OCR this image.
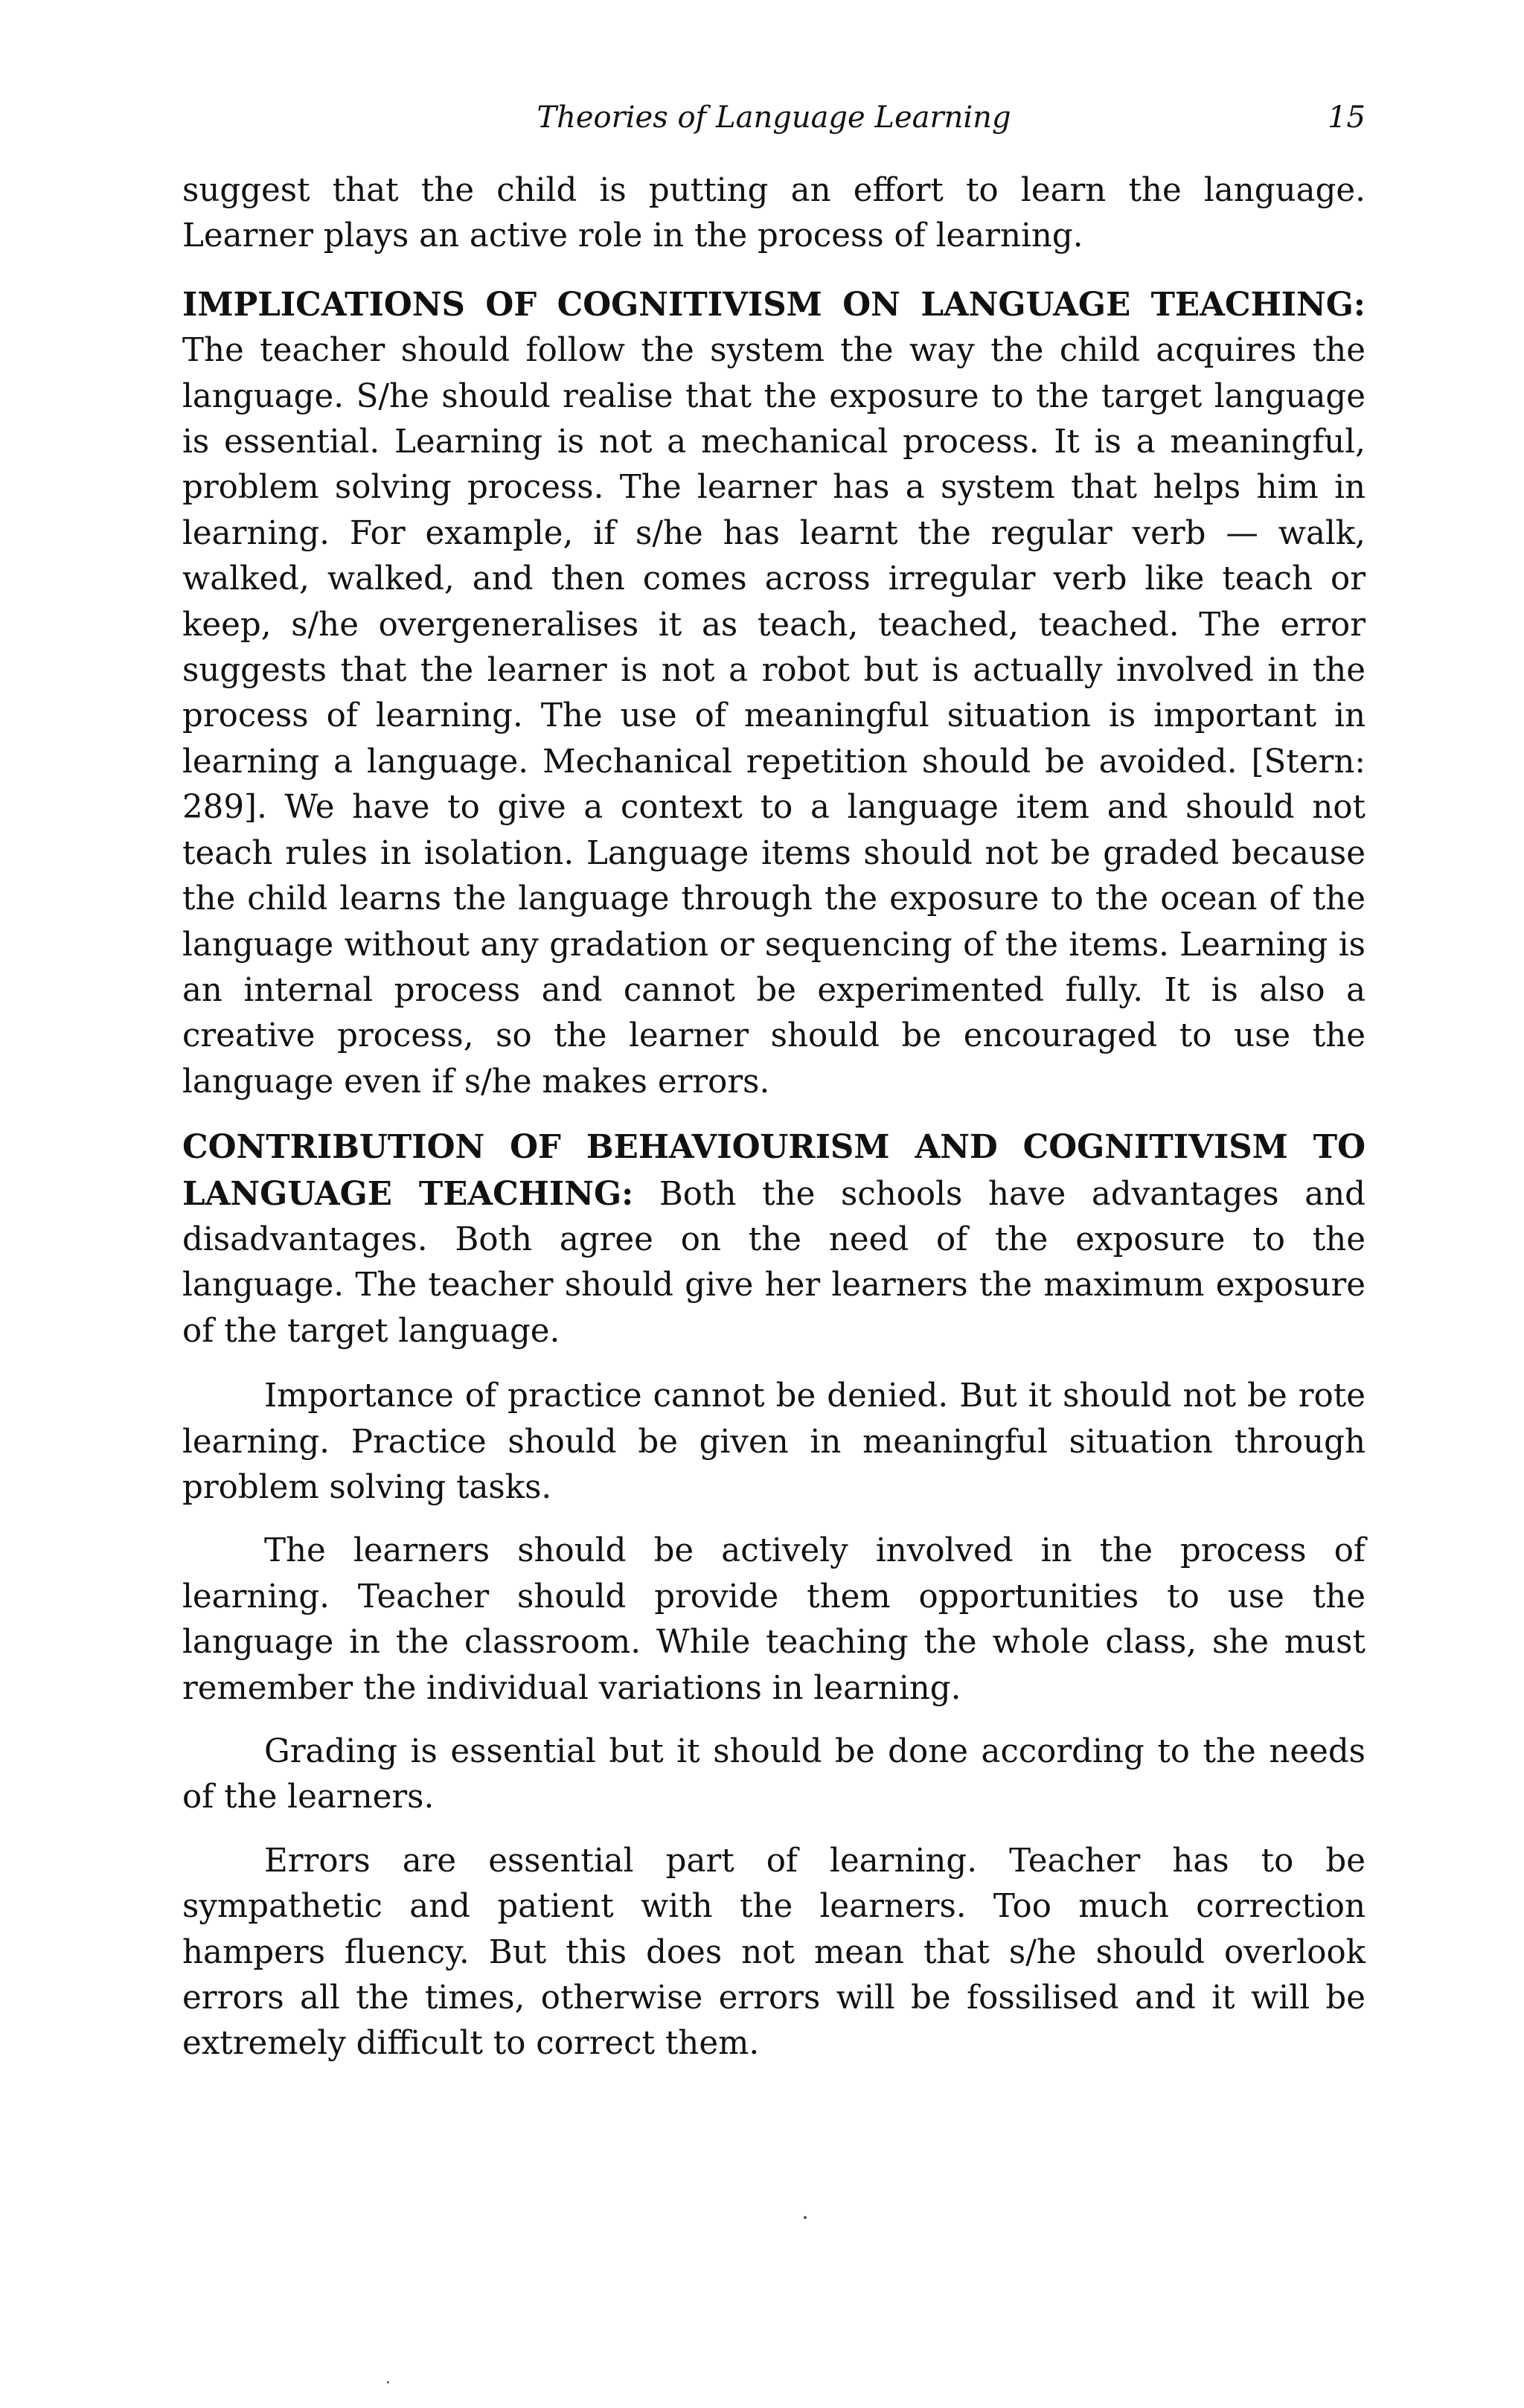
Theories of Language Learning	15

suggest that the child is putting an effort to learn the language. Learner plays an active role in the process of learning.

IMPLICATIONS OF COGNITIVISM ON LANGUAGE TEACHING: The teacher should follow the system the way the child acquires the language. S/he should realise that the exposure to the target language is essential. Learning is not a mechanical process. It is a meaningful, problem solving process. The learner has a system that helps him in learning. For example, if s/he has learnt the regular verb — walk, walked, walked, and then comes across irregular verb like teach or keep, s/he overgeneralises it as teach, teached, teached. The error suggests that the learner is not a robot but is actually involved in the process of learning. The use of meaningful situation is important in learning a language. Mechanical repetition should be avoided. [Stern: 289]. We have to give a context to a language item and should not teach rules in isolation. Language items should not be graded because the child learns the language through the exposure to the ocean of the language without any gradation or sequencing of the items. Learning is an internal process and cannot be experimented fully. It is also a creative process, so the learner should be encouraged to use the language even if s/he makes errors.

CONTRIBUTION OF BEHAVIOURISM AND COGNITIVISM TO LANGUAGE TEACHING: Both the schools have advantages and disadvantages. Both agree on the need of the exposure to the language. The teacher should give her learners the maximum exposure of the target language.

Importance of practice cannot be denied. But it should not be rote learning. Practice should be given in meaningful situation through problem solving tasks.

The learners should be actively involved in the process of learning. Teacher should provide them opportunities to use the language in the classroom. While teaching the whole class, she must remember the individual variations in learning.

Grading is essential but it should be done according to the needs of the learners.

Errors are essential part of learning. Teacher has to be sympathetic and patient with the learners. Too much correction hampers fluency. But this does not mean that s/he should overlook errors all the times, otherwise errors will be fossilised and it will be extremely difficult to correct them.
